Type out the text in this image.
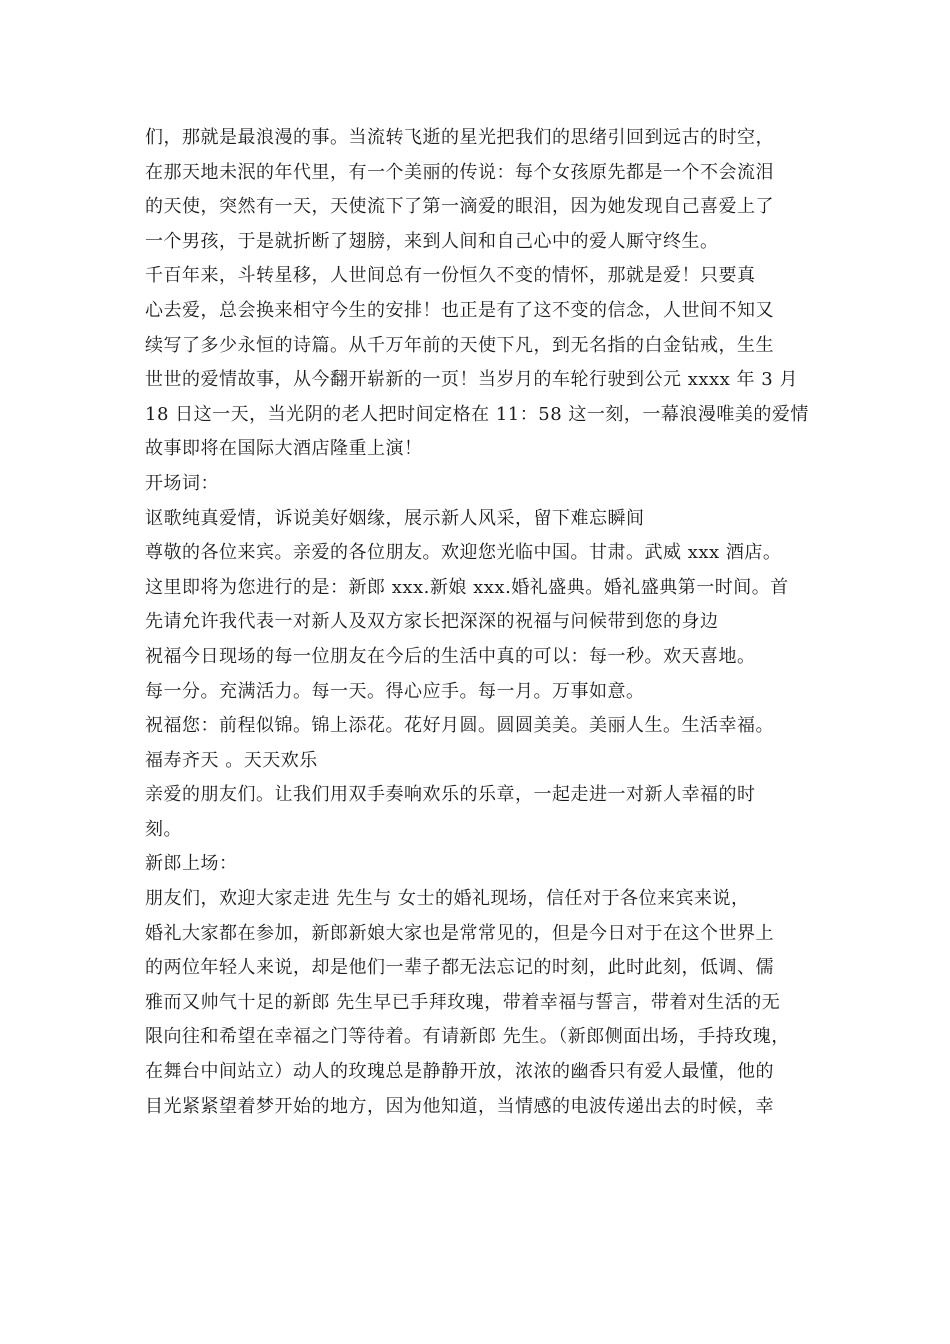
们，那就是最浪漫的事。当流转飞逝的星光把我们的思绪引回到远古的时空，
在那天地未泯的年代里，有一个美丽的传说：每个女孩原先都是一个不会流泪
的天使，突然有一天，天使流下了第一滴爱的眼泪，因为她发现自己喜爱上了
一个男孩，于是就折断了翅膀，来到人间和自己心中的爱人厮守终生。
千百年来，斗转星移，人世间总有一份恒久不变的情怀，那就是爱！只要真
心去爱，总会换来相守今生的安排！也正是有了这不变的信念，人世间不知又
续写了多少永恒的诗篇。从千万年前的天使下凡，到无名指的白金钻戒，生生
世世的爱情故事，从今翻开崭新的一页！当岁月的车轮行驶到公元 xxxx 年 3 月
18 日这一天，当光阴的老人把时间定格在 11：58 这一刻，一幕浪漫唯美的爱情
故事即将在国际大酒店隆重上演！
开场词：
讴歌纯真爱情，诉说美好姻缘，展示新人风采，留下难忘瞬间
尊敬的各位来宾。亲爱的各位朋友。欢迎您光临中国。甘肃。武威 xxx 酒店。
这里即将为您进行的是：新郎 xxx.新娘 xxx.婚礼盛典。婚礼盛典第一时间。首
先请允许我代表一对新人及双方家长把深深的祝福与问候带到您的身边
祝福今日现场的每一位朋友在今后的生活中真的可以：每一秒。欢天喜地。
每一分。充满活力。每一天。得心应手。每一月。万事如意。
祝福您：前程似锦。锦上添花。花好月圆。圆圆美美。美丽人生。生活幸福。
福寿齐天 。天天欢乐
亲爱的朋友们。让我们用双手奏响欢乐的乐章，一起走进一对新人幸福的时
刻。
新郎上场：
朋友们，欢迎大家走进 先生与 女士的婚礼现场，信任对于各位来宾来说，
婚礼大家都在参加，新郎新娘大家也是常常见的，但是今日对于在这个世界上
的两位年轻人来说，却是他们一辈子都无法忘记的时刻，此时此刻，低调、儒
雅而又帅气十足的新郎 先生早已手拜玫瑰，带着幸福与誓言，带着对生活的无
限向往和希望在幸福之门等待着。有请新郎 先生。（新郎侧面出场，手持玫瑰，
在舞台中间站立）动人的玫瑰总是静静开放，浓浓的幽香只有爱人最懂，他的
目光紧紧望着梦开始的地方，因为他知道，当情感的电波传递出去的时候，幸
